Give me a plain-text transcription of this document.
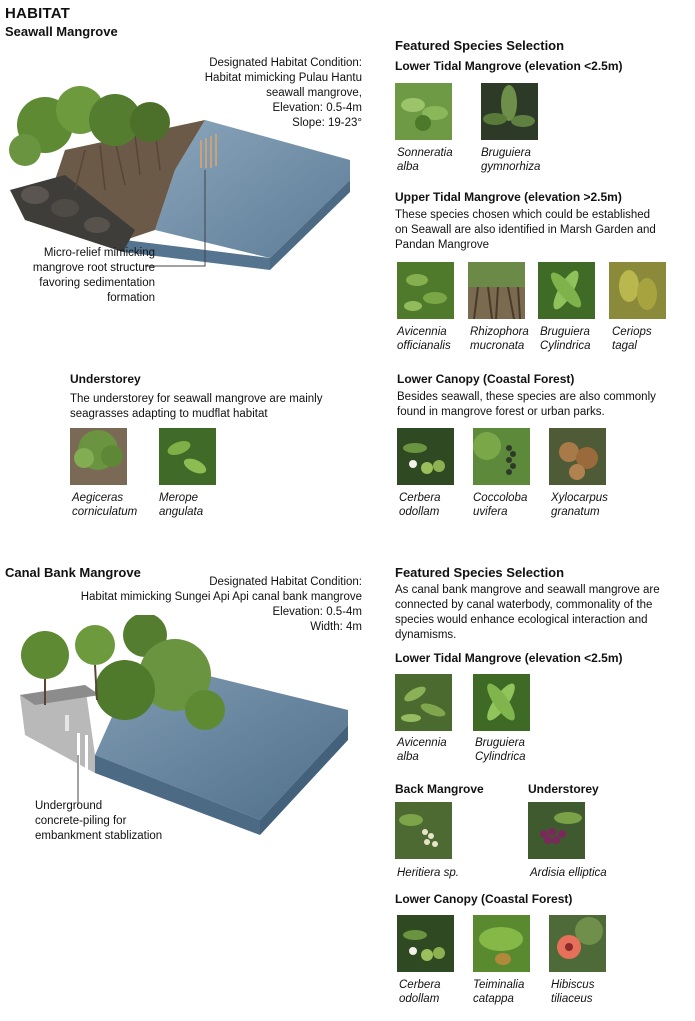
HABITAT
Seawall Mangrove
Designated Habitat Condition:
Habitat mimicking Pulau Hantu
seawall mangrove,
Elevation: 0.5-4m
Slope: 19-23°
Micro-relief mimicking
mangrove root structure
favoring sedimentation
formation
Featured Species Selection
Lower Tidal Mangrove (elevation <2.5m)
Sonneratia
alba
Bruguiera
gymnorhiza
Upper Tidal Mangrove (elevation >2.5m)
These species chosen which could be established
on Seawall are also identified in Marsh Garden and
Pandan Mangrove
Avicennia
officianalis
Rhizophora
mucronata
Bruguiera
Cylindrica
Ceriops
tagal
Understorey
The understorey for seawall mangrove are mainly
seagrasses adapting to mudflat habitat
Aegiceras
corniculatum
Merope
angulata
Lower Canopy (Coastal Forest)
Besides seawall, these species are also commonly
found in mangrove forest or urban parks.
Cerbera
odollam
Coccoloba
uvifera
Xylocarpus
granatum
Canal Bank Mangrove
Designated Habitat Condition:
Habitat mimicking Sungei Api Api canal bank mangrove
Elevation: 0.5-4m
Width: 4m
Underground
concrete-piling for
embankment stablization
Featured Species Selection
As canal bank mangrove and seawall mangrove are
connected by canal waterbody, commonality of the
species would enhance ecological interaction and
dynamisms.
Lower Tidal Mangrove (elevation <2.5m)
Avicennia
alba
Bruguiera
Cylindrica
Back Mangrove	Understorey
Heritiera sp.	Ardisia elliptica
Lower Canopy (Coastal Forest)
Cerbera
odollam
Teiminalia
catappa
Hibiscus
tiliaceus
